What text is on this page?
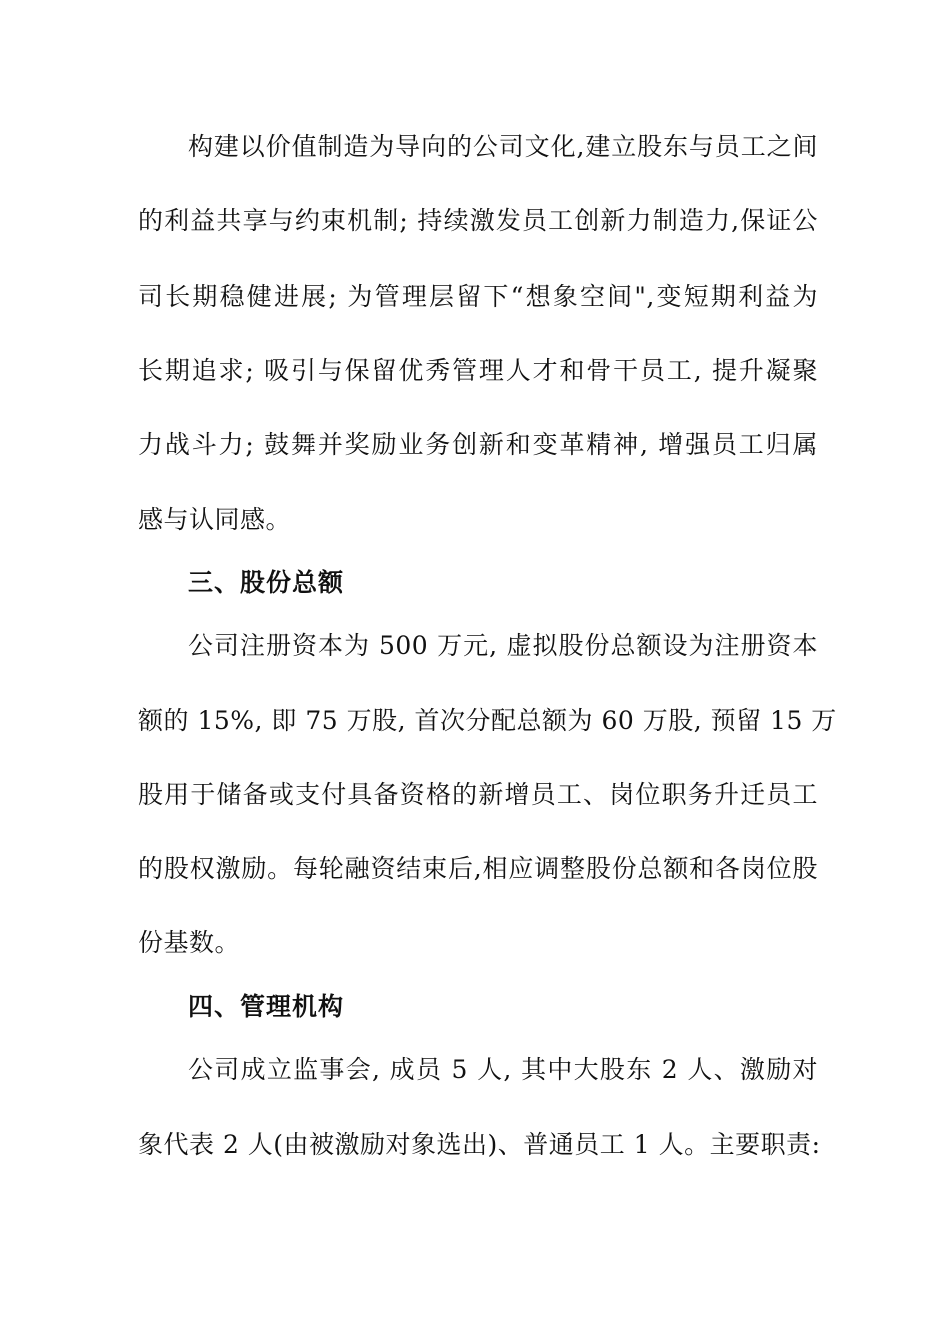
构建以价值制造为导向的公司文化,建立股东与员工之间
的利益共享与约束机制; 持续激发员工创新力制造力,保证公
司长期稳健进展; 为管理层留下“想象空间",变短期利益为
长期追求; 吸引与保留优秀管理人才和骨干员工, 提升凝聚
力战斗力; 鼓舞并奖励业务创新和变革精神, 增强员工归属
感与认同感。
三、股份总额
公司注册资本为 500 万元, 虚拟股份总额设为注册资本
额的 15%, 即 75 万股, 首次分配总额为 60 万股, 预留 15 万
股用于储备或支付具备资格的新增员工、岗位职务升迁员工
的股权激励。每轮融资结束后,相应调整股份总额和各岗位股
份基数。
四、管理机构
公司成立监事会, 成员 5 人, 其中大股东 2 人、激励对
象代表 2 人(由被激励对象选出)、普通员工 1 人。主要职责:
